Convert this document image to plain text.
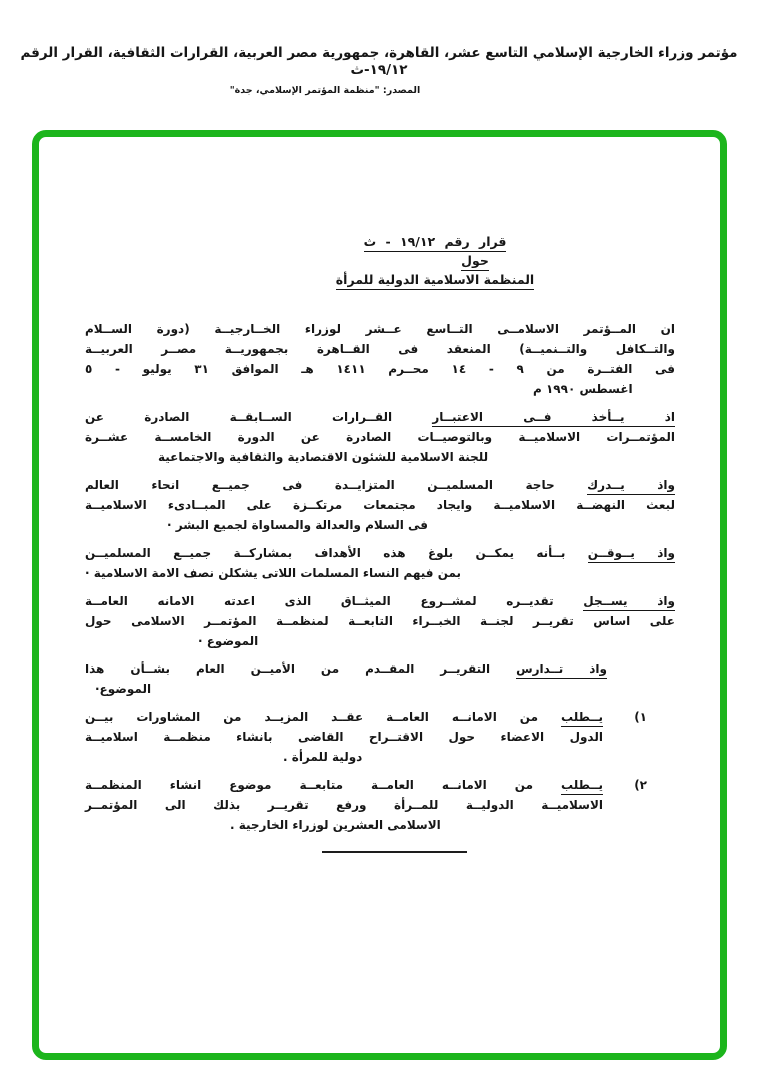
مؤتمر وزراء الخارجية الإسلامي التاسع عشر، القاهرة، جمهورية مصر العربية، القرارات الثقافية، القرار الرقم ١٩/١٢-ث
المصدر: "منظمة المؤتمر الإسلامي، جدة"
قرار رقم ١٩/١٢ - ث
حول
المنظمة الاسلامية الدولية للمرأة
ان المــؤتمر الاسلامــى التــاسع عــشر لوزراء الخــارجيــة (دورة الســلام
والتــكافل والتــنميــة) المنعقد فى القــاهرة بجمهوريــة مصــر العربيــة
فى الفتــرة من ٩ - ١٤ محــرم ١٤١١ هـ الموافق ٣١ يوليو - ٥
اغسطس ١٩٩٠ م
اذ يــأخذ فــى الاعتبــار القــرارات الســابقــة الصادرة عن
المؤتمــرات الاسلاميــة وبالتوصيــات الصادرة عن الدورة الخامســة عشــرة
للجنة الاسلامية للشئون الاقتصادية والثقافية والاجتماعية
واذ يــدرك حاجة المسلميــن المتزايــدة فى جميــع انحاء العالم
لبعث النهضــة الاسلاميــة وايجاد مجتمعات مرتكــزة على المبــادىء الاسلاميــة
فى السلام والعدالة والمساواة لجميع البشر ·
واذ يــوقــن بــأنه يمكــن بلوغ هذه الأهداف بمشاركــة جميــع المسلميــن
بمن فيهم النساء المسلمات اللاتى يشكلن نصف الامة الاسلامية ·
واذ يســجل تقديــره لمشــروع الميثــاق الذى اعدته الامانه العامــة
على اساس تقريــر لجنــة الخبــراء التابعــة لمنظمــة المؤتمــر الاسلامى حول
الموضوع ·
واذ تــدارس التقريــر المقــدم من الأميــن العام بشــأن هذا
الموضوع·
١)
يــطلب من الامانــه العامــة عقــد المزيــد من المشاورات بيــن
الدول الاعضاء حول الاقتــراح القاضى بانشاء منظمــة اسلاميــة
دولية للمرأة .
٢)
يــطلب من الامانــه العامــة متابعــة موضوع انشاء المنظمــة
الاسلاميــة الدوليــة للمــرأة ورفع تقريــر بذلك الى المؤتمــر
الاسلامى العشرين لوزراء الخارجية .
